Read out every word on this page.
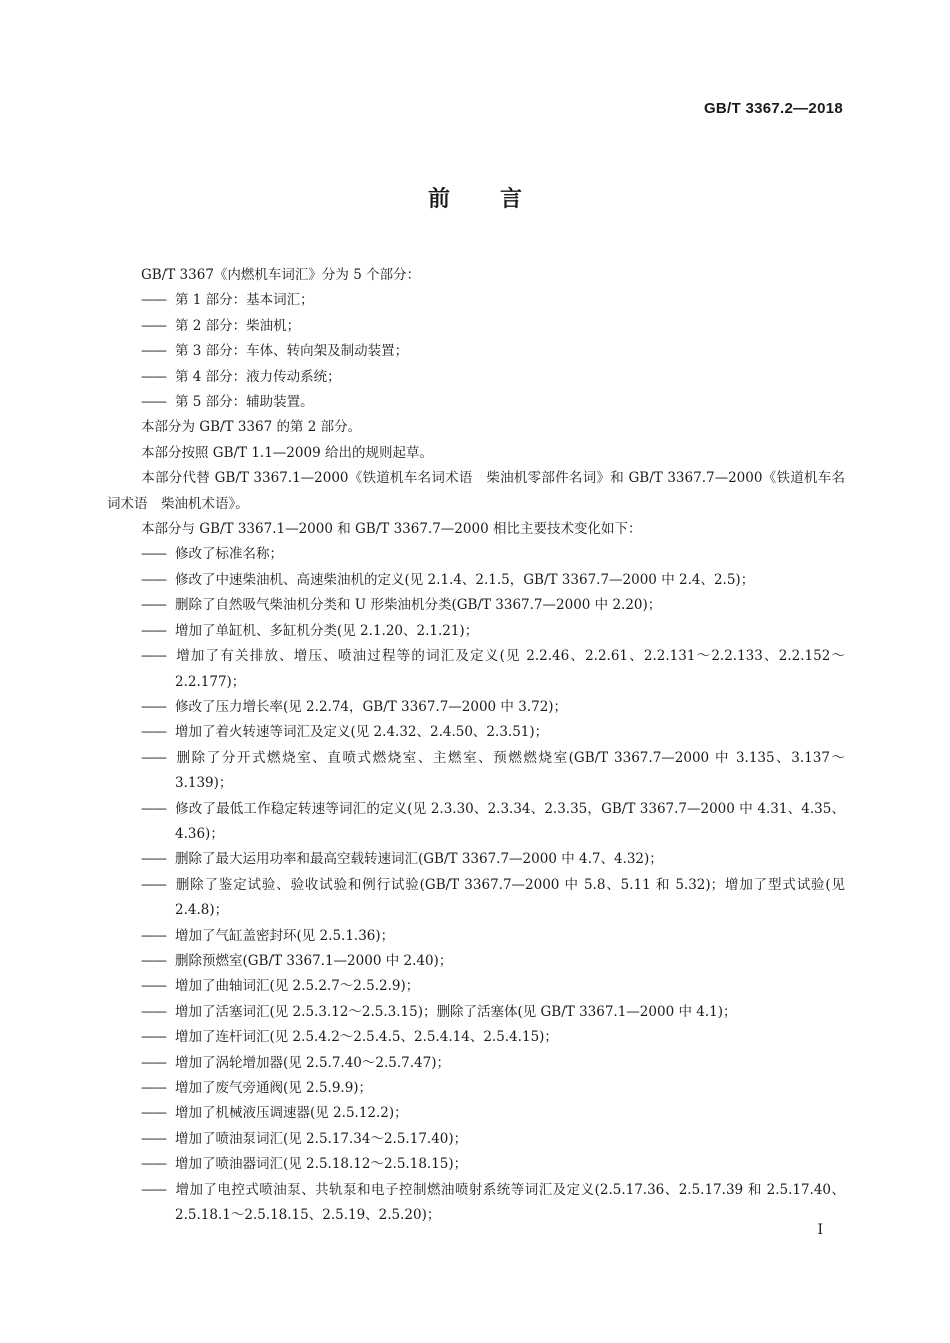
GB/T 3367.2—2018
前言

GB/T 3367《内燃机车词汇》分为 5 个部分：

—— 第 1 部分：基本词汇；

—— 第 2 部分：柴油机；

—— 第 3 部分：车体、转向架及制动装置；

—— 第 4 部分：液力传动系统；

—— 第 5 部分：辅助装置。

本部分为 GB/T 3367 的第 2 部分。

本部分按照 GB/T 1.1—2009 给出的规则起草。

本部分代替 GB/T 3367.1—2000《铁道机车名词术语　柴油机零部件名词》和 GB/T 3367.7—2000《铁道机车名词术语　柴油机术语》。

本部分与 GB/T 3367.1—2000 和 GB/T 3367.7—2000 相比主要技术变化如下：

—— 修改了标准名称；

—— 修改了中速柴油机、高速柴油机的定义(见 2.1.4、2.1.5，GB/T 3367.7—2000 中 2.4、2.5)；

—— 删除了自然吸气柴油机分类和 U 形柴油机分类(GB/T 3367.7—2000 中 2.20)；

—— 增加了单缸机、多缸机分类(见 2.1.20、2.1.21)；

—— 增加了有关排放、增压、喷油过程等的词汇及定义(见 2.2.46、2.2.61、2.2.131～2.2.133、2.2.152～2.2.177)；

—— 修改了压力增长率(见 2.2.74，GB/T 3367.7—2000 中 3.72)；

—— 增加了着火转速等词汇及定义(见 2.4.32、2.4.50、2.3.51)；

—— 删除了分开式燃烧室、直喷式燃烧室、主燃室、预燃燃烧室(GB/T 3367.7—2000 中 3.135、3.137～3.139)；

—— 修改了最低工作稳定转速等词汇的定义(见 2.3.30、2.3.34、2.3.35，GB/T 3367.7—2000 中 4.31、4.35、4.36)；

—— 删除了最大运用功率和最高空载转速词汇(GB/T 3367.7—2000 中 4.7、4.32)；

—— 删除了鉴定试验、验收试验和例行试验(GB/T 3367.7—2000 中 5.8、5.11 和 5.32)；增加了型式试验(见 2.4.8)；

—— 增加了气缸盖密封环(见 2.5.1.36)；

—— 删除预燃室(GB/T 3367.1—2000 中 2.40)；

—— 增加了曲轴词汇(见 2.5.2.7～2.5.2.9)；

—— 增加了活塞词汇(见 2.5.3.12～2.5.3.15)；删除了活塞体(见 GB/T 3367.1—2000 中 4.1)；

—— 增加了连杆词汇(见 2.5.4.2～2.5.4.5、2.5.4.14、2.5.4.15)；

—— 增加了涡轮增加器(见 2.5.7.40～2.5.7.47)；

—— 增加了废气旁通阀(见 2.5.9.9)；

—— 增加了机械液压调速器(见 2.5.12.2)；

—— 增加了喷油泵词汇(见 2.5.17.34～2.5.17.40)；

—— 增加了喷油器词汇(见 2.5.18.12～2.5.18.15)；

—— 增加了电控式喷油泵、共轨泵和电子控制燃油喷射系统等词汇及定义(2.5.17.36、2.5.17.39 和 2.5.17.40、2.5.18.1～2.5.18.15、2.5.19、2.5.20)；

I
